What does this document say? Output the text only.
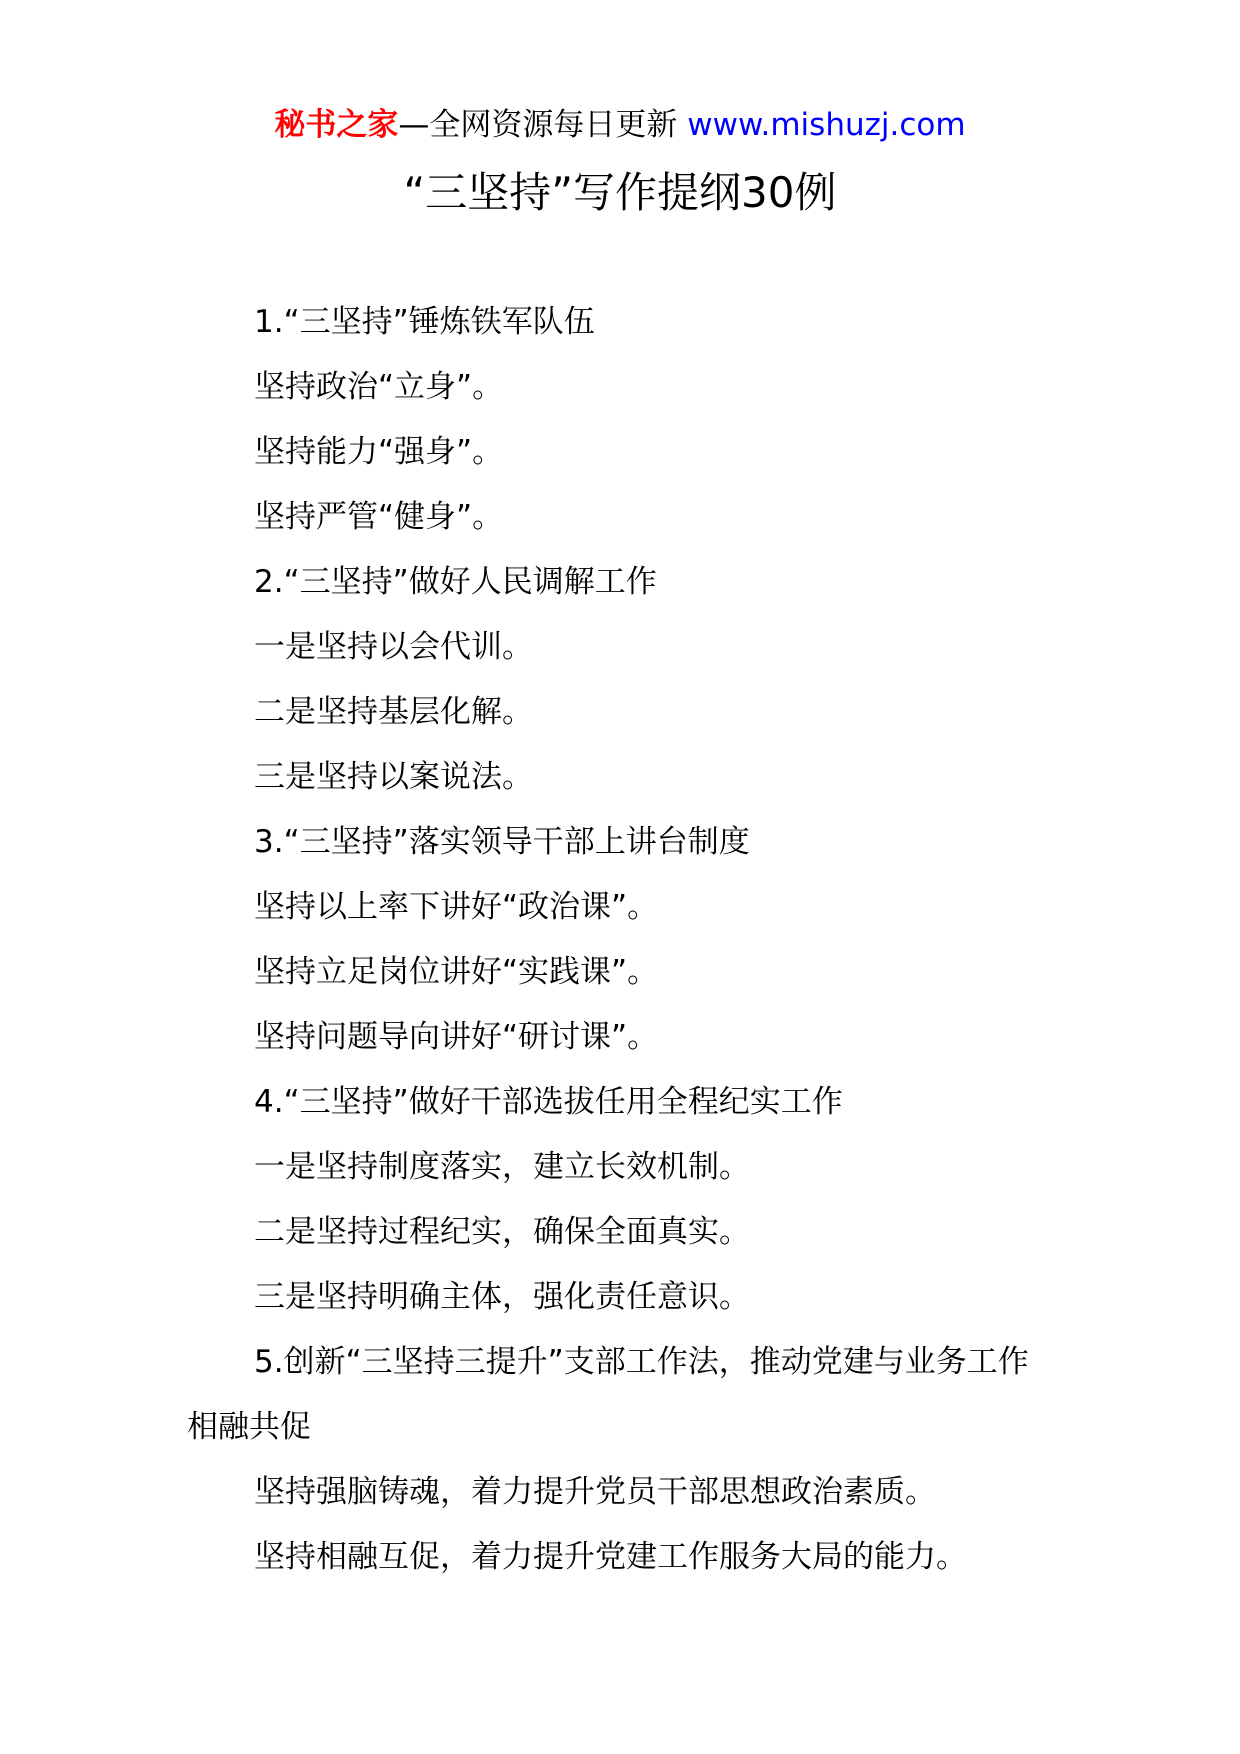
秘书之家—全网资源每日更新 www.mishuzj.com
“三坚持”写作提纲30例

1.“三坚持”锤炼铁军队伍

坚持政治“立身”。

坚持能力“强身”。

坚持严管“健身”。

2.“三坚持”做好人民调解工作

一是坚持以会代训。

二是坚持基层化解。

三是坚持以案说法。

3.“三坚持”落实领导干部上讲台制度

坚持以上率下讲好“政治课”。

坚持立足岗位讲好“实践课”。

坚持问题导向讲好“研讨课”。

4.“三坚持”做好干部选拔任用全程纪实工作

一是坚持制度落实，建立长效机制。

二是坚持过程纪实，确保全面真实。

三是坚持明确主体，强化责任意识。

5.创新“三坚持三提升”支部工作法，推动党建与业务工作相融共促

坚持强脑铸魂，着力提升党员干部思想政治素质。

坚持相融互促，着力提升党建工作服务大局的能力。
